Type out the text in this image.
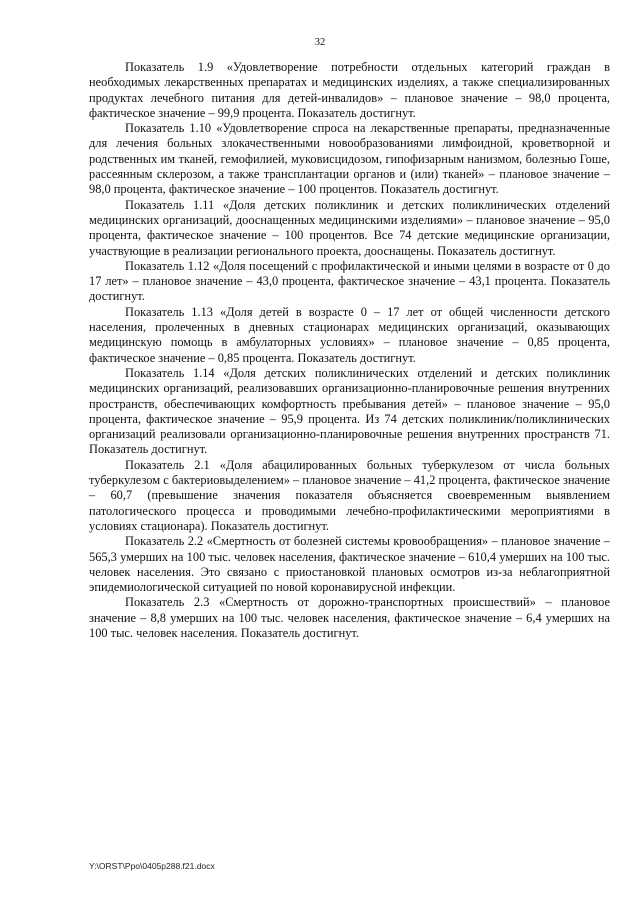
32

Показатель 1.9 «Удовлетворение потребности отдельных категорий граждан в необходимых лекарственных препаратах и медицинских изделиях, а также специализированных продуктах лечебного питания для детей-инвалидов» – плановое значение – 98,0 процента, фактическое значение – 99,9 процента. Показатель достигнут.

Показатель 1.10 «Удовлетворение спроса на лекарственные препараты, предназначенные для лечения больных злокачественными новообразованиями лимфоидной, кроветворной и родственных им тканей, гемофилией, муковисцидозом, гипофизарным нанизмом, болезнью Гоше, рассеянным склерозом, а также трансплантации органов и (или) тканей» – плановое значение – 98,0 процента, фактическое значение – 100 процентов. Показатель достигнут.

Показатель 1.11 «Доля детских поликлиник и детских поликлинических отделений медицинских организаций, дооснащенных медицинскими изделиями» – плановое значение – 95,0 процента, фактическое значение – 100 процентов. Все 74 детские медицинские организации, участвующие в реализации регионального проекта, дооснащены. Показатель достигнут.

Показатель 1.12 «Доля посещений с профилактической и иными целями в возрасте от 0 до 17 лет» – плановое значение – 43,0 процента, фактическое значение – 43,1 процента. Показатель достигнут.

Показатель 1.13 «Доля детей в возрасте 0 – 17 лет от общей численности детского населения, пролеченных в дневных стационарах медицинских организаций, оказывающих медицинскую помощь в амбулаторных условиях» – плановое значение – 0,85 процента, фактическое значение – 0,85 процента. Показатель достигнут.

Показатель 1.14 «Доля детских поликлинических отделений и детских поликлиник медицинских организаций, реализовавших организационно-планировочные решения внутренних пространств, обеспечивающих комфортность пребывания детей» – плановое значение – 95,0 процента, фактическое значение – 95,9 процента. Из 74 детских поликлиник/поликлинических организаций реализовали организационно-планировочные решения внутренних пространств 71. Показатель достигнут.

Показатель 2.1 «Доля абацилированных больных туберкулезом от числа больных туберкулезом с бактериовыделением» – плановое значение – 41,2 процента, фактическое значение – 60,7 (превышение значения показателя объясняется своевременным выявлением патологического процесса и проводимыми лечебно-профилактическими мероприятиями в условиях стационара). Показатель достигнут.

Показатель 2.2 «Смертность от болезней системы кровообращения» – плановое значение – 565,3 умерших на 100 тыс. человек населения, фактическое значение – 610,4 умерших на 100 тыс. человек населения. Это связано с приостановкой плановых осмотров из-за неблагоприятной эпидемиологической ситуацией по новой коронавирусной инфекции.

Показатель 2.3 «Смертность от дорожно-транспортных происшествий» – плановое значение – 8,8 умерших на 100 тыс. человек населения, фактическое значение – 6,4 умерших на 100 тыс. человек населения. Показатель достигнут.

Y:\ORST\Ppo\0405p288.f21.docx
